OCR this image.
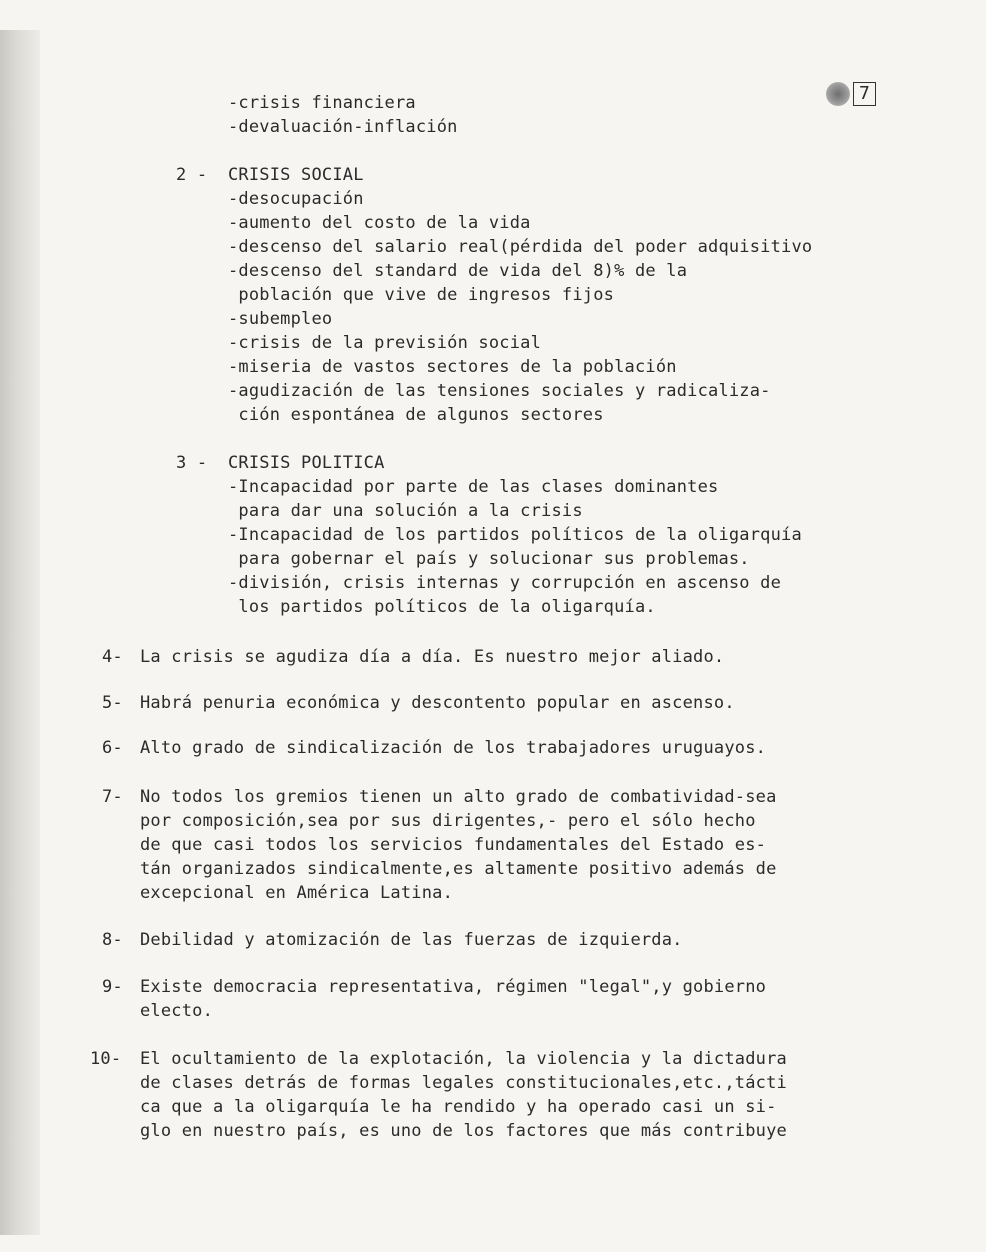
7
-crisis financiera
-devaluación-inflación
2 - CRISIS SOCIAL
-desocupación
-aumento del costo de la vida
-descenso del salario real(pérdida del poder adquisitivo
-descenso del standard de vida del 8)% de la
población que vive de ingresos fijos
-subempleo
-crisis de la previsión social
-miseria de vastos sectores de la población
-agudización de las tensiones sociales y radicaliza-
ción espontánea de algunos sectores
3 - CRISIS POLITICA
-Incapacidad por parte de las clases dominantes
para dar una solución a la crisis
-Incapacidad de los partidos políticos de la oligarquía
para gobernar el país y solucionar sus problemas.
-división, crisis internas y corrupción en ascenso de
los partidos políticos de la oligarquía.
4- La crisis se agudiza día a día. Es nuestro mejor aliado.
5- Habrá penuria económica y descontento popular en ascenso.
6- Alto grado de sindicalización de los trabajadores uruguayos.
7- No todos los gremios tienen un alto grado de combatividad-sea
por composición,sea por sus dirigentes,- pero el sólo hecho
de que casi todos los servicios fundamentales del Estado es-
tán organizados sindicalmente,es altamente positivo además de
excepcional en América Latina.
8- Debilidad y atomización de las fuerzas de izquierda.
9- Existe democracia representativa, régimen "legal",y gobierno
electo.
10- El ocultamiento de la explotación, la violencia y la dictadura
de clases detrás de formas legales constitucionales,etc.,tácti
ca que a la oligarquía le ha rendido y ha operado casi un si-
glo en nuestro país, es uno de los factores que más contribuye
